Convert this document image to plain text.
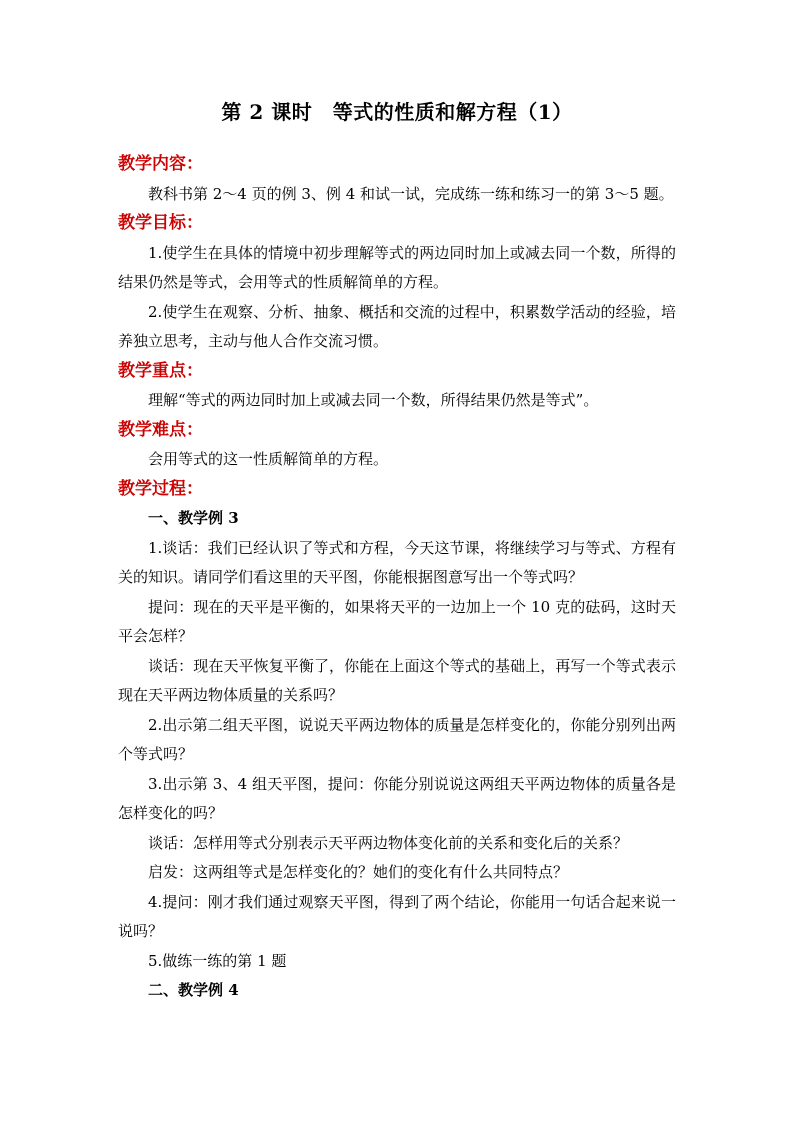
第 2 课时　等式的性质和解方程（1）

教学内容：

教科书第 2～4 页的例 3、例 4 和试一试，完成练一练和练习一的第 3～5 题。

教学目标：

1.使学生在具体的情境中初步理解等式的两边同时加上或减去同一个数，所得的结果仍然是等式，会用等式的性质解简单的方程。

2.使学生在观察、分析、抽象、概括和交流的过程中，积累数学活动的经验，培养独立思考，主动与他人合作交流习惯。

教学重点：

理解“等式的两边同时加上或减去同一个数，所得结果仍然是等式”。

教学难点：

会用等式的这一性质解简单的方程。

教学过程：

一、教学例 3

1.谈话：我们已经认识了等式和方程，今天这节课，将继续学习与等式、方程有关的知识。请同学们看这里的天平图，你能根据图意写出一个等式吗？

提问：现在的天平是平衡的，如果将天平的一边加上一个 10 克的砝码，这时天平会怎样？

谈话：现在天平恢复平衡了，你能在上面这个等式的基础上，再写一个等式表示现在天平两边物体质量的关系吗？

2.出示第二组天平图，说说天平两边物体的质量是怎样变化的，你能分别列出两个等式吗？

3.出示第 3、4 组天平图，提问：你能分别说说这两组天平两边物体的质量各是怎样变化的吗？

谈话：怎样用等式分别表示天平两边物体变化前的关系和变化后的关系？

启发：这两组等式是怎样变化的？她们的变化有什么共同特点？

4.提问：刚才我们通过观察天平图，得到了两个结论，你能用一句话合起来说一说吗？

5.做练一练的第 1 题

二、教学例 4
